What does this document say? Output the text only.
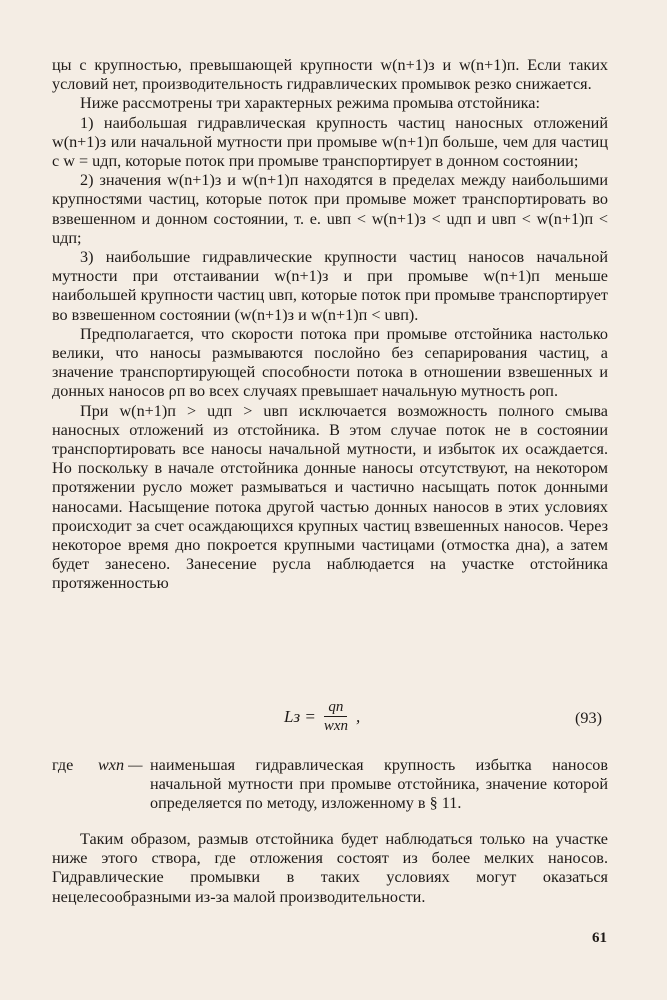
цы с крупностью, превышающей крупности w(n+1)з и w(n+1)п. Если таких условий нет, производительность гидравлических промывок резко снижается.

Ниже рассмотрены три характерных режима промыва отстойника:

1) наибольшая гидравлическая крупность частиц наносных отложений w(n+1)з или начальной мутности при промыве w(n+1)п больше, чем для частиц с w = uдп, которые поток при промыве транспортирует в донном состоянии;

2) значения w(n+1)з и w(n+1)п находятся в пределах между наибольшими крупностями частиц, которые поток при промыве может транспортировать во взвешенном и донном состоянии, т. е. uвп < w(n+1)з < uдп и uвп < w(n+1)п < uдп;

3) наибольшие гидравлические крупности частиц наносов начальной мутности при отстаивании w(n+1)з и при промыве w(n+1)п меньше наибольшей крупности частиц uвп, которые поток при промыве транспортирует во взвешенном состоянии (w(n+1)з и w(n+1)п < uвп).

Предполагается, что скорости потока при промыве отстойника настолько велики, что наносы размываются послойно без сепарирования частиц, а значение транспортирующей способности потока в отношении взвешенных и донных наносов ρп во всех случаях превышает начальную мутность ρоп.

При w(n+1)п > uдп > uвп исключается возможность полного смыва наносных отложений из отстойника. В этом случае поток не в состоянии транспортировать все наносы начальной мутности, и избыток их осаждается. Но поскольку в начале отстойника донные наносы отсутствуют, на некотором протяжении русло может размываться и частично насыщать поток донными наносами. Насыщение потока другой частью донных наносов в этих условиях происходит за счет осаждающихся крупных частиц взвешенных наносов. Через некоторое время дно покроется крупными частицами (отмостка дна), а затем будет занесено. Занесение русла наблюдается на участке отстойника протяженностью

Lз = $\frac{qп}{\text{wхп}}$ ,	(93)
где wхп — наименьшая гидравлическая крупность избытка наносов начальной мутности при промыве отстойника, значение которой определяется по методу, изложенному в § 11.

Таким образом, размыв отстойника будет наблюдаться только на участке ниже этого створа, где отложения состоят из более мелких наносов. Гидравлические промывки в таких условиях могут оказаться нецелесообразными из-за малой производительности.

61
